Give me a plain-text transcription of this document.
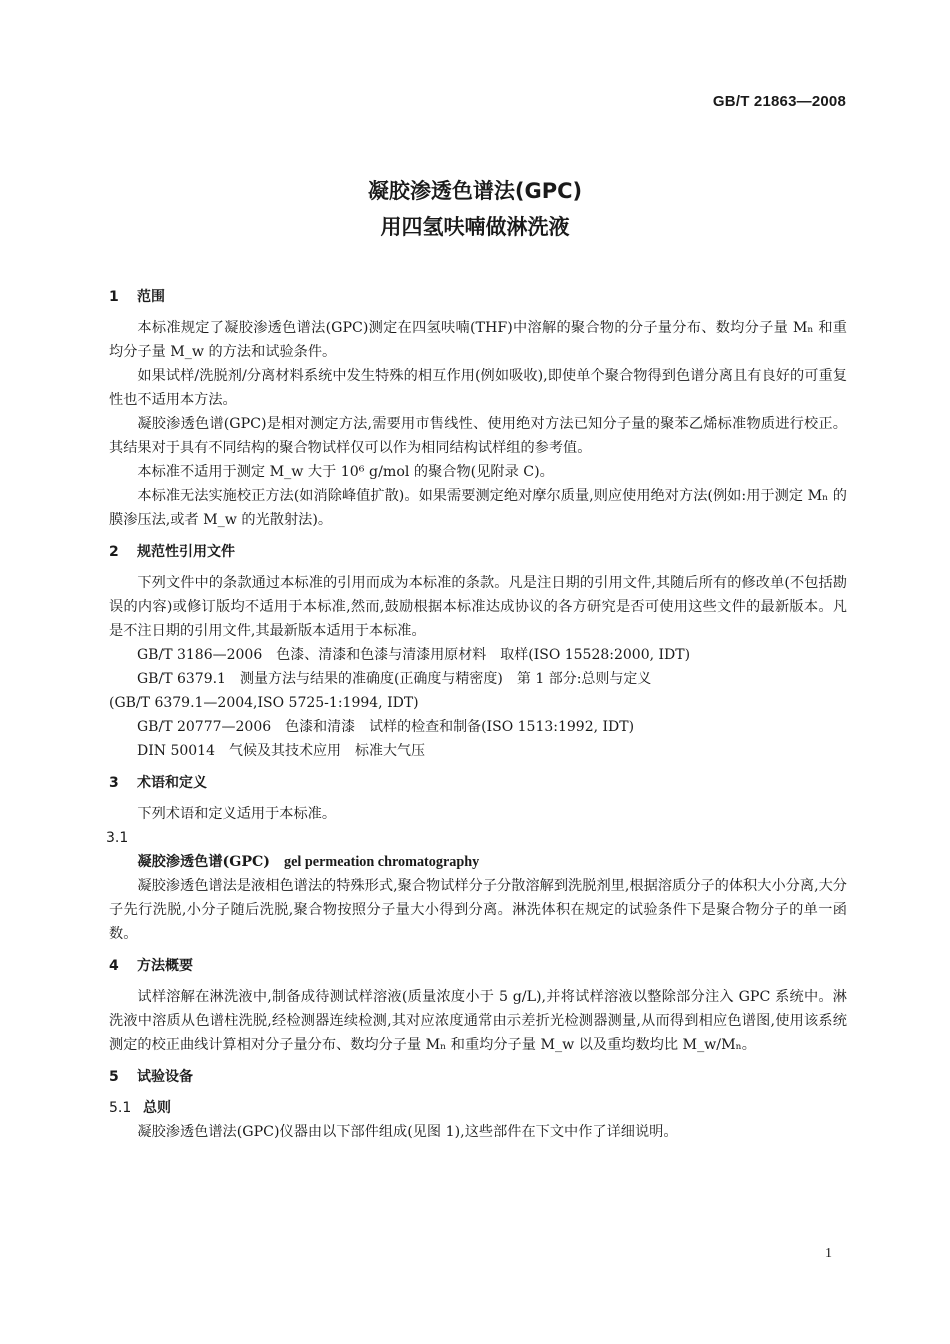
GB/T 21863—2008
凝胶渗透色谱法(GPC)
用四氢呋喃做淋洗液
1 范围

本标准规定了凝胶渗透色谱法(GPC)测定在四氢呋喃(THF)中溶解的聚合物的分子量分布、数均分子量 Mₙ 和重均分子量 M_w 的方法和试验条件。

如果试样/洗脱剂/分离材料系统中发生特殊的相互作用(例如吸收),即使单个聚合物得到色谱分离且有良好的可重复性也不适用本方法。

凝胶渗透色谱(GPC)是相对测定方法,需要用市售线性、使用绝对方法已知分子量的聚苯乙烯标准物质进行校正。其结果对于具有不同结构的聚合物试样仅可以作为相同结构试样组的参考值。

本标准不适用于测定 M_w 大于 10⁶ g/mol 的聚合物(见附录 C)。

本标准无法实施校正方法(如消除峰值扩散)。如果需要测定绝对摩尔质量,则应使用绝对方法(例如:用于测定 Mₙ 的膜渗压法,或者 M_w 的光散射法)。

2 规范性引用文件

下列文件中的条款通过本标准的引用而成为本标准的条款。凡是注日期的引用文件,其随后所有的修改单(不包括勘误的内容)或修订版均不适用于本标准,然而,鼓励根据本标准达成协议的各方研究是否可使用这些文件的最新版本。凡是不注日期的引用文件,其最新版本适用于本标准。

GB/T 3186—2006　色漆、清漆和色漆与清漆用原材料　取样(ISO 15528:2000, IDT)
GB/T 6379.1　测量方法与结果的准确度(正确度与精密度)　第 1 部分:总则与定义
(GB/T 6379.1—2004,ISO 5725-1:1994, IDT)
GB/T 20777—2006　色漆和清漆　试样的检查和制备(ISO 1513:1992, IDT)
DIN 50014　气候及其技术应用　标准大气压
3 术语和定义

下列术语和定义适用于本标准。

3.1
凝胶渗透色谱(GPC) gel permeation chromatography

凝胶渗透色谱法是液相色谱法的特殊形式,聚合物试样分子分散溶解到洗脱剂里,根据溶质分子的体积大小分离,大分子先行洗脱,小分子随后洗脱,聚合物按照分子量大小得到分离。淋洗体积在规定的试验条件下是聚合物分子的单一函数。

4 方法概要

试样溶解在淋洗液中,制备成待测试样溶液(质量浓度小于 5 g/L),并将试样溶液以整除部分注入 GPC 系统中。淋洗液中溶质从色谱柱洗脱,经检测器连续检测,其对应浓度通常由示差折光检测器测量,从而得到相应色谱图,使用该系统测定的校正曲线计算相对分子量分布、数均分子量 Mₙ 和重均分子量 M_w 以及重均数均比 M_w/Mₙ。

5 试验设备
5.1 总则

凝胶渗透色谱法(GPC)仪器由以下部件组成(见图 1),这些部件在下文中作了详细说明。

1
